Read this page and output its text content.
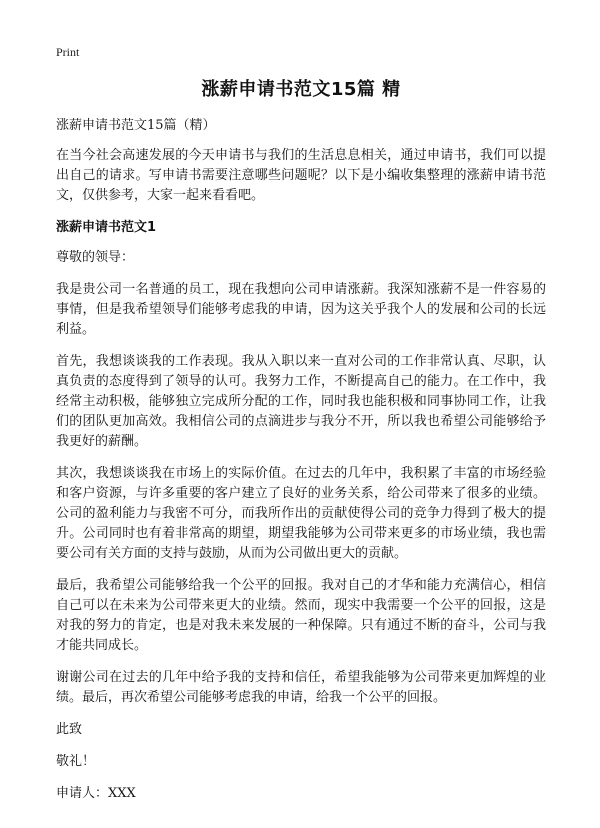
Print
涨薪申请书范文15篇 精
涨薪申请书范文15篇（精）
在当今社会高速发展的今天申请书与我们的生活息息相关，通过申请书，我们可以提出自己的请求。写申请书需要注意哪些问题呢？以下是小编收集整理的涨薪申请书范文，仅供参考，大家一起来看看吧。
涨薪申请书范文1
尊敬的领导：
我是贵公司一名普通的员工，现在我想向公司申请涨薪。我深知涨薪不是一件容易的事情，但是我希望领导们能够考虑我的申请，因为这关乎我个人的发展和公司的长远利益。
首先，我想谈谈我的工作表现。我从入职以来一直对公司的工作非常认真、尽职，认真负责的态度得到了领导的认可。我努力工作，不断提高自己的能力。在工作中，我经常主动积极，能够独立完成所分配的工作，同时我也能积极和同事协同工作，让我们的团队更加高效。我相信公司的点滴进步与我分不开，所以我也希望公司能够给予我更好的薪酬。
其次，我想谈谈我在市场上的实际价值。在过去的几年中，我积累了丰富的市场经验和客户资源，与许多重要的客户建立了良好的业务关系，给公司带来了很多的业绩。公司的盈利能力与我密不可分，而我所作出的贡献使得公司的竞争力得到了极大的提升。公司同时也有着非常高的期望，期望我能够为公司带来更多的市场业绩，我也需要公司有关方面的支持与鼓励，从而为公司做出更大的贡献。
最后，我希望公司能够给我一个公平的回报。我对自己的才华和能力充满信心，相信自己可以在未来为公司带来更大的业绩。然而，现实中我需要一个公平的回报，这是对我的努力的肯定，也是对我未来发展的一种保障。只有通过不断的奋斗，公司与我才能共同成长。
谢谢公司在过去的几年中给予我的支持和信任，希望我能够为公司带来更加辉煌的业绩。最后，再次希望公司能够考虑我的申请，给我一个公平的回报。
此致
敬礼！
申请人：XXX
